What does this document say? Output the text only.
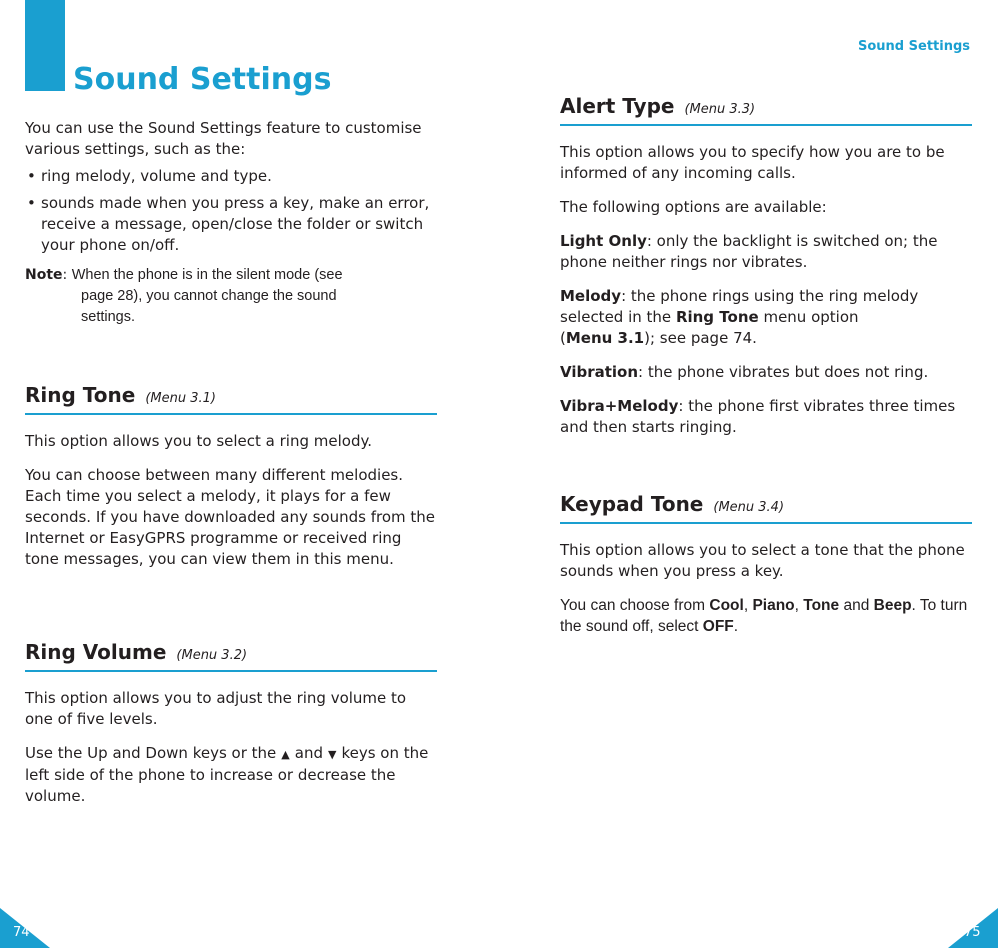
Sound Settings

You can use the Sound Settings feature to customise various settings, such as the:

• ring melody, volume and type.
• sounds made when you press a key, make an error, receive a message, open/close the folder or switch your phone on/off.
Note: When the phone is in the silent mode (see
page 28), you cannot change the sound
settings.
Ring Tone (Menu 3.1)

This option allows you to select a ring melody.

You can choose between many different melodies. Each time you select a melody, it plays for a few seconds. If you have downloaded any sounds from the Internet or EasyGPRS programme or received ring tone messages, you can view them in this menu.

Ring Volume (Menu 3.2)

This option allows you to adjust the ring volume to one of five levels.

Use the Up and Down keys or the ▲ and ▼ keys on the left side of the phone to increase or decrease the volume.

Sound Settings
Alert Type (Menu 3.3)

This option allows you to specify how you are to be informed of any incoming calls.

The following options are available:

Light Only: only the backlight is switched on; the phone neither rings nor vibrates.

Melody: the phone rings using the ring melody selected in the Ring Tone menu option
(Menu 3.1); see page 74.

Vibration: the phone vibrates but does not ring.

Vibra+Melody: the phone first vibrates three times and then starts ringing.

Keypad Tone (Menu 3.4)

This option allows you to select a tone that the phone sounds when you press a key.

You can choose from Cool, Piano, Tone and Beep. To turn the sound off, select OFF.

74	75
